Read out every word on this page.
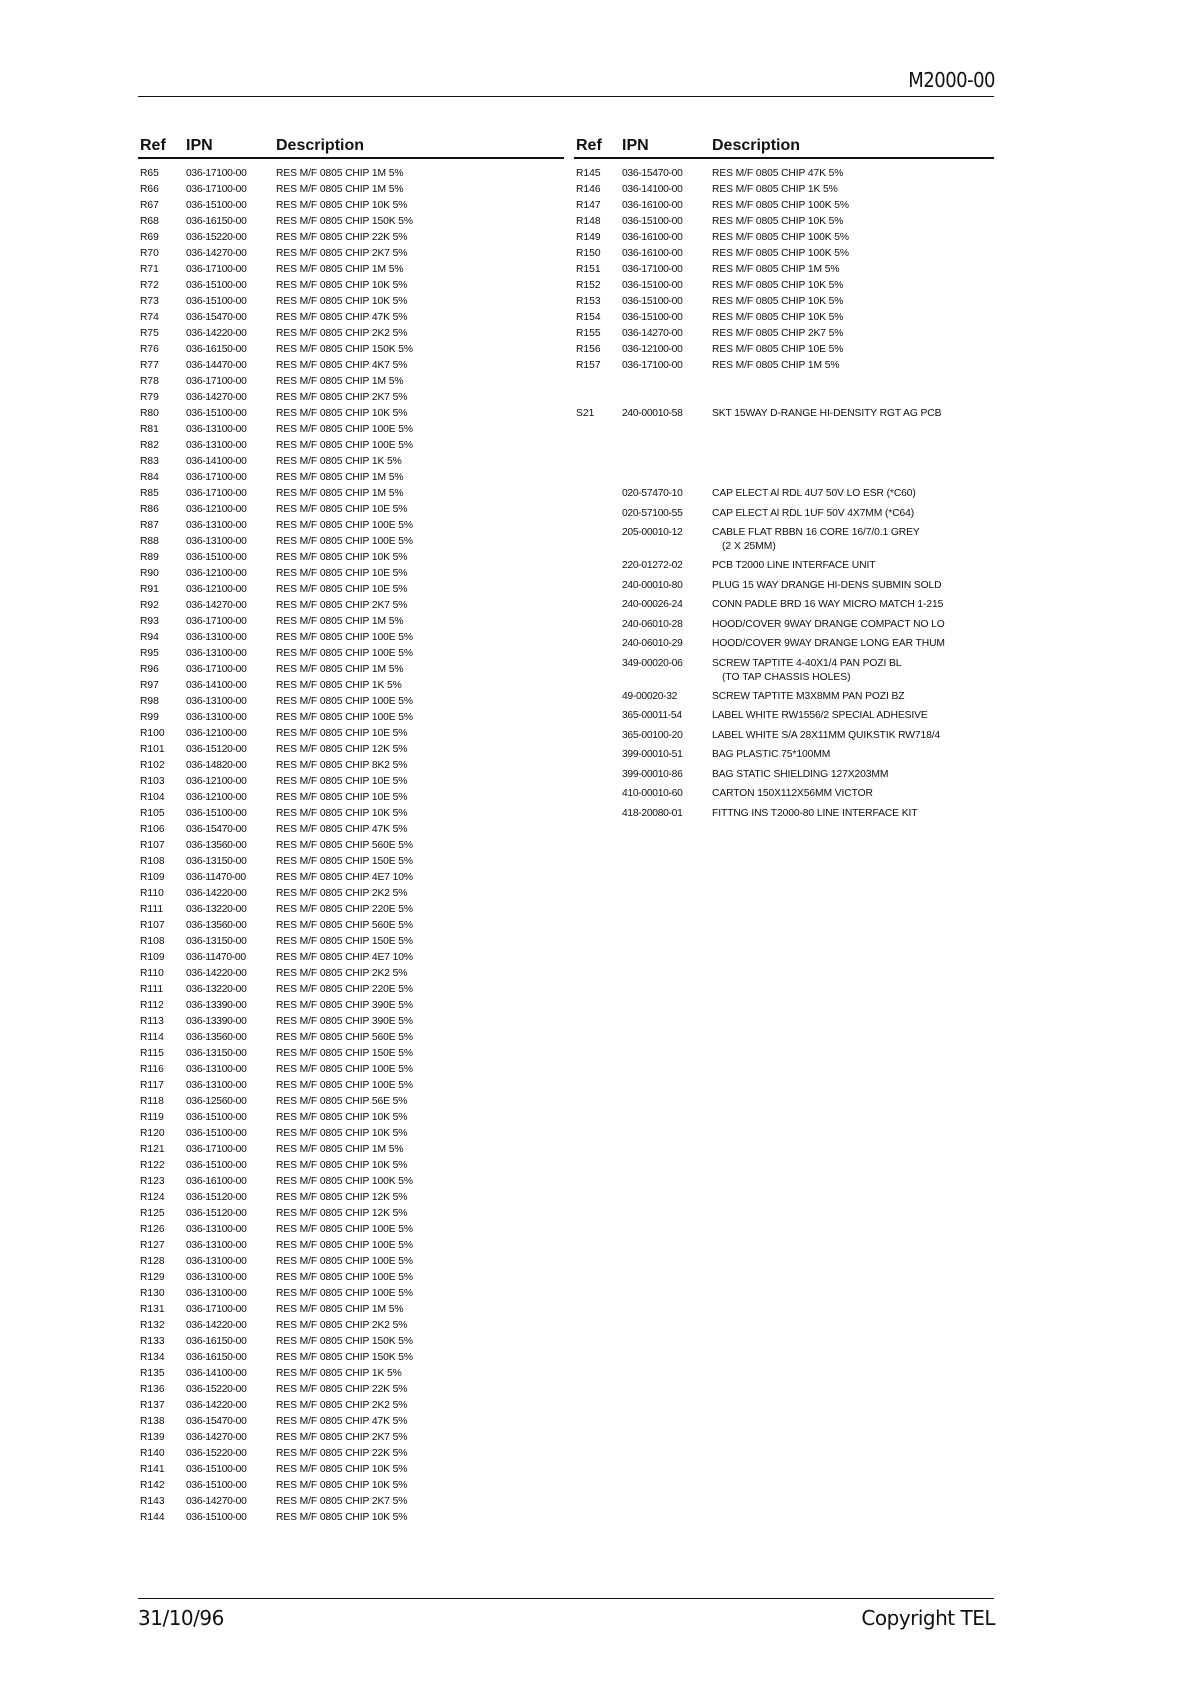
M2000-00
Ref IPN	Description
R65	036-17100-00	RES M/F 0805 CHIP 1M 5%
R66	036-17100-00	RES M/F 0805 CHIP 1M 5%
R67	036-15100-00	RES M/F 0805 CHIP 10K 5%
R68	036-16150-00	RES M/F 0805 CHIP 150K 5%
R69	036-15220-00	RES M/F 0805 CHIP 22K 5%
R70	036-14270-00	RES M/F 0805 CHIP 2K7 5%
R71	036-17100-00	RES M/F 0805 CHIP 1M 5%
R72	036-15100-00	RES M/F 0805 CHIP 10K 5%
R73	036-15100-00	RES M/F 0805 CHIP 10K 5%
R74	036-15470-00	RES M/F 0805 CHIP 47K 5%
R75	036-14220-00	RES M/F 0805 CHIP 2K2 5%
R76	036-16150-00	RES M/F 0805 CHIP 150K 5%
R77	036-14470-00	RES M/F 0805 CHIP 4K7 5%
R78	036-17100-00	RES M/F 0805 CHIP 1M 5%
R79	036-14270-00	RES M/F 0805 CHIP 2K7 5%
R80	036-15100-00	RES M/F 0805 CHIP 10K 5%
R81	036-13100-00	RES M/F 0805 CHIP 100E 5%
R82	036-13100-00	RES M/F 0805 CHIP 100E 5%
R83	036-14100-00	RES M/F 0805 CHIP 1K 5%
R84	036-17100-00	RES M/F 0805 CHIP 1M 5%
R85	036-17100-00	RES M/F 0805 CHIP 1M 5%
R86	036-12100-00	RES M/F 0805 CHIP 10E 5%
R87	036-13100-00	RES M/F 0805 CHIP 100E 5%
R88	036-13100-00	RES M/F 0805 CHIP 100E 5%
R89	036-15100-00	RES M/F 0805 CHIP 10K 5%
R90	036-12100-00	RES M/F 0805 CHIP 10E 5%
R91	036-12100-00	RES M/F 0805 CHIP 10E 5%
R92	036-14270-00	RES M/F 0805 CHIP 2K7 5%
R93	036-17100-00	RES M/F 0805 CHIP 1M 5%
R94	036-13100-00	RES M/F 0805 CHIP 100E 5%
R95	036-13100-00	RES M/F 0805 CHIP 100E 5%
R96	036-17100-00	RES M/F 0805 CHIP 1M 5%
R97	036-14100-00	RES M/F 0805 CHIP 1K 5%
R98	036-13100-00	RES M/F 0805 CHIP 100E 5%
R99	036-13100-00	RES M/F 0805 CHIP 100E 5%
R100 036-12100-00	RES M/F 0805 CHIP 10E 5%
R101 036-15120-00	RES M/F 0805 CHIP 12K 5%
R102 036-14820-00	RES M/F 0805 CHIP 8K2 5%
R103 036-12100-00	RES M/F 0805 CHIP 10E 5%
R104 036-12100-00	RES M/F 0805 CHIP 10E 5%
R105 036-15100-00	RES M/F 0805 CHIP 10K 5%
R106 036-15470-00	RES M/F 0805 CHIP 47K 5%
R107 036-13560-00	RES M/F 0805 CHIP 560E 5%
R108 036-13150-00	RES M/F 0805 CHIP 150E 5%
R109 036-11470-00	RES M/F 0805 CHIP 4E7 10%
R110 036-14220-00	RES M/F 0805 CHIP 2K2 5%
R111 036-13220-00	RES M/F 0805 CHIP 220E 5%
R107 036-13560-00	RES M/F 0805 CHIP 560E 5%
R108 036-13150-00	RES M/F 0805 CHIP 150E 5%
R109 036-11470-00	RES M/F 0805 CHIP 4E7 10%
R110 036-14220-00	RES M/F 0805 CHIP 2K2 5%
R111 036-13220-00	RES M/F 0805 CHIP 220E 5%
R112 036-13390-00	RES M/F 0805 CHIP 390E 5%
R113 036-13390-00	RES M/F 0805 CHIP 390E 5%
R114 036-13560-00	RES M/F 0805 CHIP 560E 5%
R115 036-13150-00	RES M/F 0805 CHIP 150E 5%
R116 036-13100-00	RES M/F 0805 CHIP 100E 5%
R117 036-13100-00	RES M/F 0805 CHIP 100E 5%
R118 036-12560-00	RES M/F 0805 CHIP 56E 5%
R119 036-15100-00	RES M/F 0805 CHIP 10K 5%
R120 036-15100-00	RES M/F 0805 CHIP 10K 5%
R121 036-17100-00	RES M/F 0805 CHIP 1M 5%
R122 036-15100-00	RES M/F 0805 CHIP 10K 5%
R123 036-16100-00	RES M/F 0805 CHIP 100K 5%
R124 036-15120-00	RES M/F 0805 CHIP 12K 5%
R125 036-15120-00	RES M/F 0805 CHIP 12K 5%
R126 036-13100-00	RES M/F 0805 CHIP 100E 5%
R127 036-13100-00	RES M/F 0805 CHIP 100E 5%
R128 036-13100-00	RES M/F 0805 CHIP 100E 5%
R129 036-13100-00	RES M/F 0805 CHIP 100E 5%
R130 036-13100-00	RES M/F 0805 CHIP 100E 5%
R131 036-17100-00	RES M/F 0805 CHIP 1M 5%
R132 036-14220-00	RES M/F 0805 CHIP 2K2 5%
R133 036-16150-00	RES M/F 0805 CHIP 150K 5%
R134 036-16150-00	RES M/F 0805 CHIP 150K 5%
R135 036-14100-00	RES M/F 0805 CHIP 1K 5%
R136 036-15220-00	RES M/F 0805 CHIP 22K 5%
R137 036-14220-00	RES M/F 0805 CHIP 2K2 5%
R138 036-15470-00	RES M/F 0805 CHIP 47K 5%
R139 036-14270-00	RES M/F 0805 CHIP 2K7 5%
R140 036-15220-00	RES M/F 0805 CHIP 22K 5%
R141 036-15100-00	RES M/F 0805 CHIP 10K 5%
R142 036-15100-00	RES M/F 0805 CHIP 10K 5%
R143 036-14270-00	RES M/F 0805 CHIP 2K7 5%
R144 036-15100-00	RES M/F 0805 CHIP 10K 5%
Ref IPN	Description
R145 036-15470-00	RES M/F 0805 CHIP 47K 5%
R146 036-14100-00	RES M/F 0805 CHIP 1K 5%
R147 036-16100-00	RES M/F 0805 CHIP 100K 5%
R148 036-15100-00	RES M/F 0805 CHIP 10K 5%
R149 036-16100-00	RES M/F 0805 CHIP 100K 5%
R150 036-16100-00	RES M/F 0805 CHIP 100K 5%
R151 036-17100-00	RES M/F 0805 CHIP 1M 5%
R152 036-15100-00	RES M/F 0805 CHIP 10K 5%
R153 036-15100-00	RES M/F 0805 CHIP 10K 5%
R154 036-15100-00	RES M/F 0805 CHIP 10K 5%
R155 036-14270-00	RES M/F 0805 CHIP 2K7 5%
R156 036-12100-00	RES M/F 0805 CHIP 10E 5%
R157 036-17100-00	RES M/F 0805 CHIP 1M 5%
S21	240-00010-58	SKT 15WAY D-RANGE HI-DENSITY RGT AG PCB
020-57470-10	CAP ELECT Al RDL 4U7 50V LO ESR (*C60)
020-57100-55	CAP ELECT Al RDL 1UF 50V 4X7MM (*C64)
205-00010-12	CABLE FLAT RBBN 16 CORE 16/7/0.1 GREY
(2 X 25MM)
220-01272-02	PCB T2000 LINE INTERFACE UNIT
240-00010-80	PLUG 15 WAY DRANGE HI-DENS SUBMIN SOLD
240-00026-24	CONN PADLE BRD 16 WAY MICRO MATCH 1-215
240-06010-28	HOOD/COVER 9WAY DRANGE COMPACT NO LO
240-06010-29	HOOD/COVER 9WAY DRANGE LONG EAR THUM
349-00020-06	SCREW TAPTITE 4-40X1/4 PAN POZI BL
(TO TAP CHASSIS HOLES)
49-00020-32	SCREW TAPTITE M3X8MM PAN POZI BZ
365-00011-54	LABEL WHITE RW1556/2 SPECIAL ADHESIVE
365-00100-20	LABEL WHITE S/A 28X11MM QUIKSTIK RW718/4
399-00010-51	BAG PLASTIC 75*100MM
399-00010-86	BAG STATIC SHIELDING 127X203MM
410-00010-60	CARTON 150X112X56MM VICTOR
418-20080-01	FITTNG INS T2000-80 LINE INTERFACE KIT
31/10/96	Copyright TEL
